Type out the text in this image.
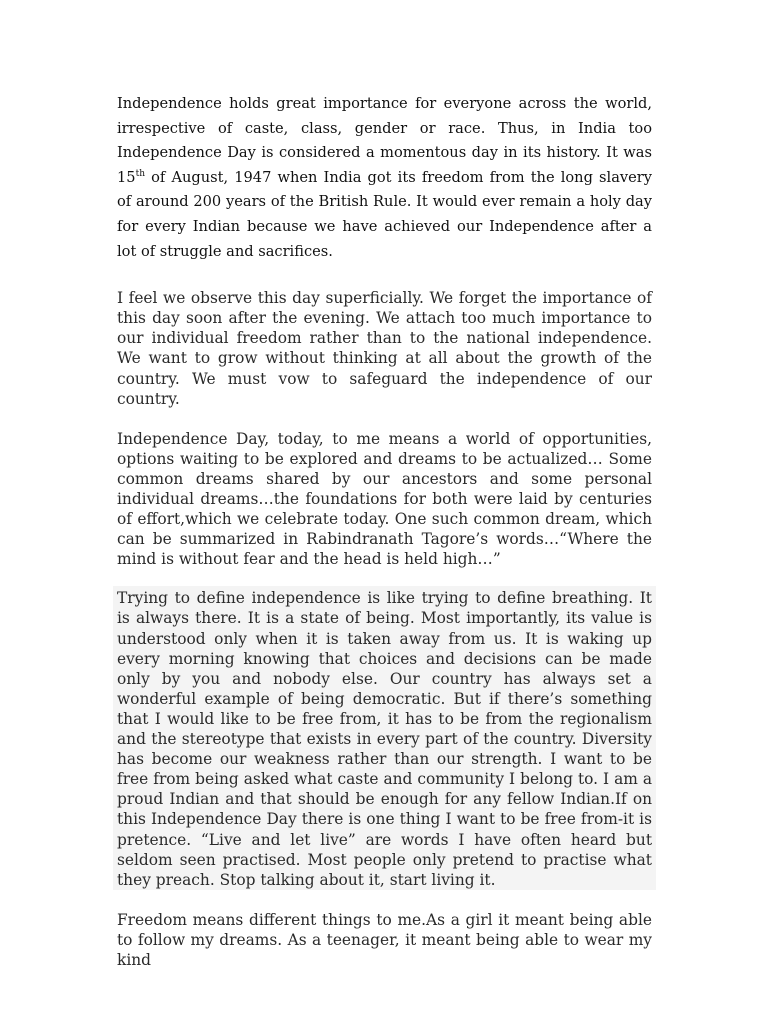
Independence holds great importance for everyone across the world, irrespective of caste, class, gender or race. Thus, in India too Independence Day is considered a momentous day in its history. It was 15th of August, 1947 when India got its freedom from the long slavery of around 200 years of the British Rule. It would ever remain a holy day for every Indian because we have achieved our Independence after a lot of struggle and sacrifices.

I feel we observe this day superficially. We forget the importance of this day soon after the evening. We attach too much importance to our individual freedom rather than to the national independence. We want to grow without thinking at all about the growth of the country. We must vow to safeguard the independence of our country.

Independence Day, today, to me means a world of opportunities, options waiting to be explored and dreams to be actualized… Some common dreams shared by our ancestors and some personal individual dreams…the foundations for both were laid by centuries of effort,which we celebrate today. One such common dream, which can be summarized in Rabindranath Tagore’s words…“Where the mind is without fear and the head is held high…”

Trying to define independence is like trying to define breathing. It is always there. It is a state of being. Most importantly, its value is understood only when it is taken away from us. It is waking up every morning knowing that choices and decisions can be made only by you and nobody else. Our country has always set a wonderful example of being democratic. But if there’s something that I would like to be free from, it has to be from the regionalism and the stereotype that exists in every part of the country. Diversity has become our weakness rather than our strength. I want to be free from being asked what caste and community I belong to. I am a proud Indian and that should be enough for any fellow Indian.If on this Independence Day there is one thing I want to be free from-it is pretence. “Live and let live” are words I have often heard but seldom seen practised. Most people only pretend to practise what they preach. Stop talking about it, start living it.

Freedom means different things to me.As a girl it meant being able to follow my dreams. As a teenager, it meant being able to wear my kind
